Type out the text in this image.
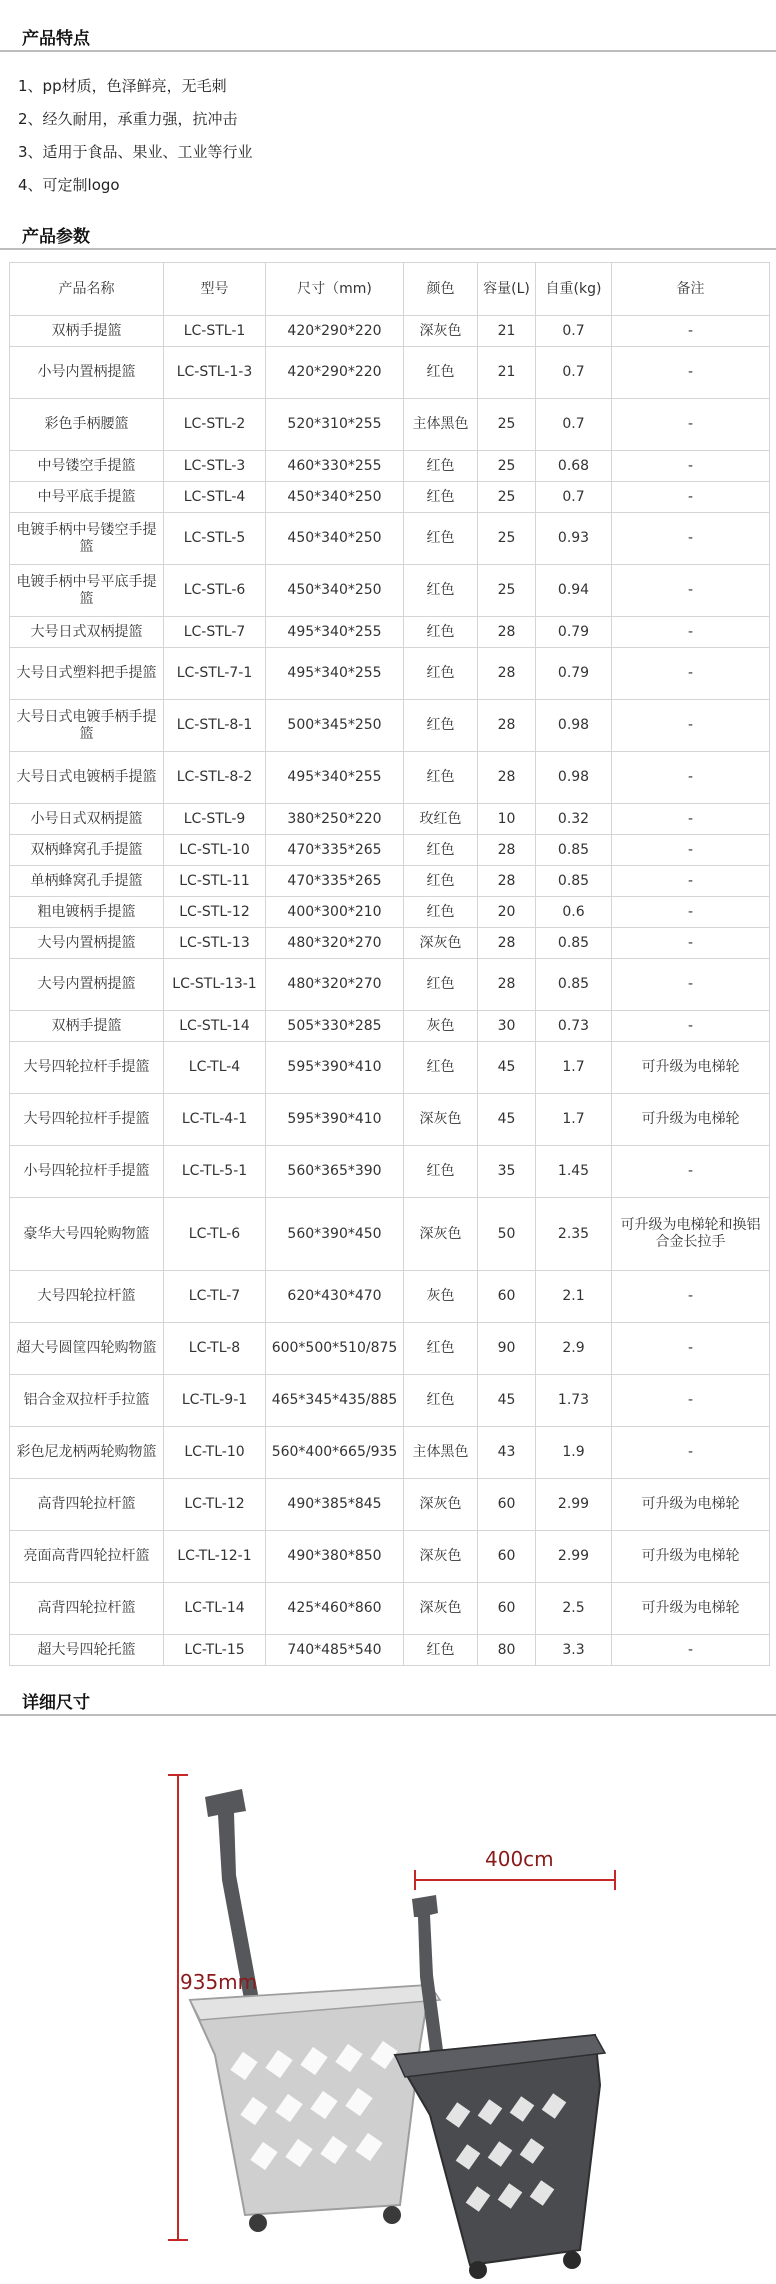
产品特点
1、pp材质，色泽鲜亮，无毛刺
2、经久耐用，承重力强，抗冲击
3、适用于食品、果业、工业等行业
4、可定制logo
产品参数
产品名称	型号	尺寸（mm)	颜色	容量(L)	自重(kg)	备注
双柄手提篮	LC-STL-1	420*290*220	深灰色	21	0.7	-
小号内置柄提篮	LC-STL-1-3	420*290*220	红色	21	0.7	-
彩色手柄腰篮	LC-STL-2	520*310*255	主体黑色	25	0.7	-
中号镂空手提篮	LC-STL-3	460*330*255	红色	25	0.68	-
中号平底手提篮	LC-STL-4	450*340*250	红色	25	0.7	-
电镀手柄中号镂空手提篮	LC-STL-5	450*340*250	红色	25	0.93	-
电镀手柄中号平底手提篮	LC-STL-6	450*340*250	红色	25	0.94	-
大号日式双柄提篮	LC-STL-7	495*340*255	红色	28	0.79	-
大号日式塑料把手提篮	LC-STL-7-1	495*340*255	红色	28	0.79	-
大号日式电镀手柄手提篮	LC-STL-8-1	500*345*250	红色	28	0.98	-
大号日式电镀柄手提篮	LC-STL-8-2	495*340*255	红色	28	0.98	-
小号日式双柄提篮	LC-STL-9	380*250*220	玫红色	10	0.32	-
双柄蜂窝孔手提篮	LC-STL-10	470*335*265	红色	28	0.85	-
单柄蜂窝孔手提篮	LC-STL-11	470*335*265	红色	28	0.85	-
粗电镀柄手提篮	LC-STL-12	400*300*210	红色	20	0.6	-
大号内置柄提篮	LC-STL-13	480*320*270	深灰色	28	0.85	-
大号内置柄提篮	LC-STL-13-1	480*320*270	红色	28	0.85	-
双柄手提篮	LC-STL-14	505*330*285	灰色	30	0.73	-
大号四轮拉杆手提篮	LC-TL-4	595*390*410	红色	45	1.7	可升级为电梯轮
大号四轮拉杆手提篮	LC-TL-4-1	595*390*410	深灰色	45	1.7	可升级为电梯轮
小号四轮拉杆手提篮	LC-TL-5-1	560*365*390	红色	35	1.45	-
豪华大号四轮购物篮	LC-TL-6	560*390*450	深灰色	50	2.35	可升级为电梯轮和换铝合金长拉手
大号四轮拉杆篮	LC-TL-7	620*430*470	灰色	60	2.1	-
超大号圆筐四轮购物篮	LC-TL-8	600*500*510/875	红色	90	2.9	-
铝合金双拉杆手拉篮	LC-TL-9-1	465*345*435/885	红色	45	1.73	-
彩色尼龙柄两轮购物篮	LC-TL-10	560*400*665/935	主体黑色	43	1.9	-
高背四轮拉杆篮	LC-TL-12	490*385*845	深灰色	60	2.99	可升级为电梯轮
亮面高背四轮拉杆篮	LC-TL-12-1	490*380*850	深灰色	60	2.99	可升级为电梯轮
高背四轮拉杆篮	LC-TL-14	425*460*860	深灰色	60	2.5	可升级为电梯轮
超大号四轮托篮	LC-TL-15	740*485*540	红色	80	3.3	-
详细尺寸
935mm
400cm
